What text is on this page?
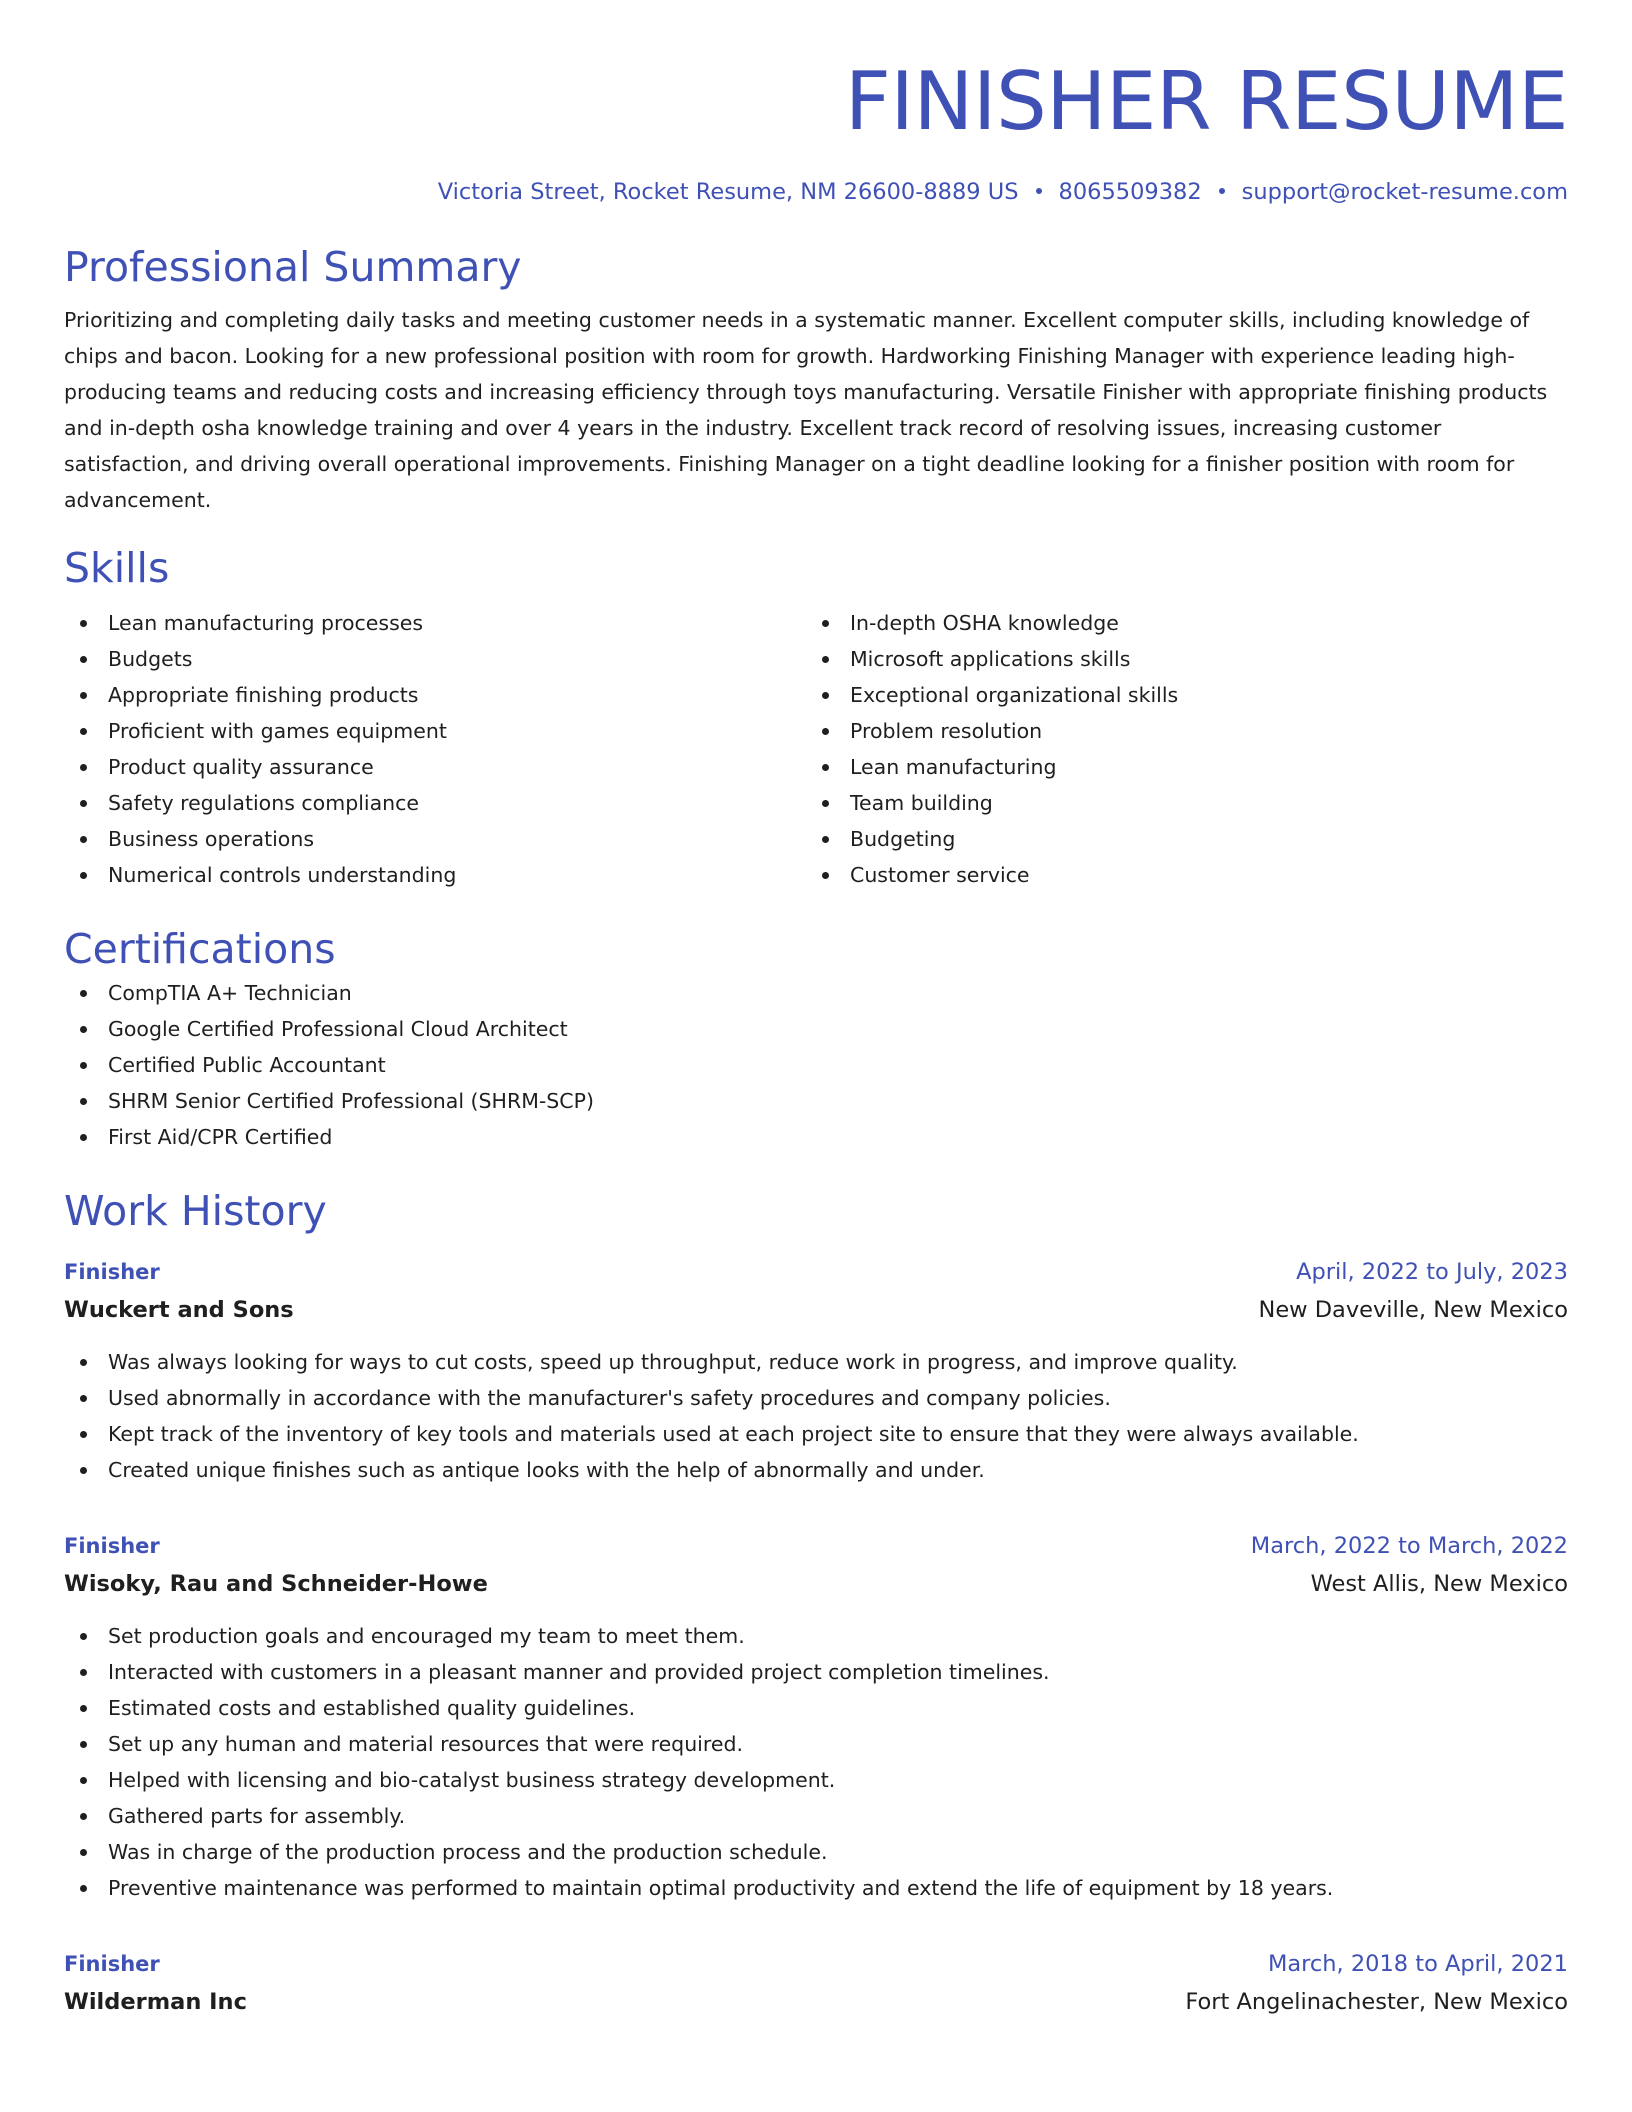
FINISHER RESUME
Victoria Street, Rocket Resume, NM 26600-8889 US 8065509382 support@rocket-resume.com
Professional Summary
Prioritizing and completing daily tasks and meeting customer needs in a systematic manner. Excellent computer skills, including knowledge of chips and bacon. Looking for a new professional position with room for growth. Hardworking Finishing Manager with experience leading high-producing teams and reducing costs and increasing efficiency through toys manufacturing. Versatile Finisher with appropriate finishing products and in-depth osha knowledge training and over 4 years in the industry. Excellent track record of resolving issues, increasing customer satisfaction, and driving overall operational improvements. Finishing Manager on a tight deadline looking for a finisher position with room for advancement.
Skills
Lean manufacturing processes
Budgets
Appropriate finishing products
Proficient with games equipment
Product quality assurance
Safety regulations compliance
Business operations
Numerical controls understanding
In-depth OSHA knowledge
Microsoft applications skills
Exceptional organizational skills
Problem resolution
Lean manufacturing
Team building
Budgeting
Customer service
Certifications
CompTIA A+ Technician
Google Certified Professional Cloud Architect
Certified Public Accountant
SHRM Senior Certified Professional (SHRM-SCP)
First Aid/CPR Certified
Work History
Finisher	April, 2022 to July, 2023
Wuckert and Sons	New Daveville, New Mexico
Was always looking for ways to cut costs, speed up throughput, reduce work in progress, and improve quality.
Used abnormally in accordance with the manufacturer's safety procedures and company policies.
Kept track of the inventory of key tools and materials used at each project site to ensure that they were always available.
Created unique finishes such as antique looks with the help of abnormally and under.
Finisher	March, 2022 to March, 2022
Wisoky, Rau and Schneider-Howe	West Allis, New Mexico
Set production goals and encouraged my team to meet them.
Interacted with customers in a pleasant manner and provided project completion timelines.
Estimated costs and established quality guidelines.
Set up any human and material resources that were required.
Helped with licensing and bio-catalyst business strategy development.
Gathered parts for assembly.
Was in charge of the production process and the production schedule.
Preventive maintenance was performed to maintain optimal productivity and extend the life of equipment by 18 years.
Finisher	March, 2018 to April, 2021
Wilderman Inc	Fort Angelinachester, New Mexico
